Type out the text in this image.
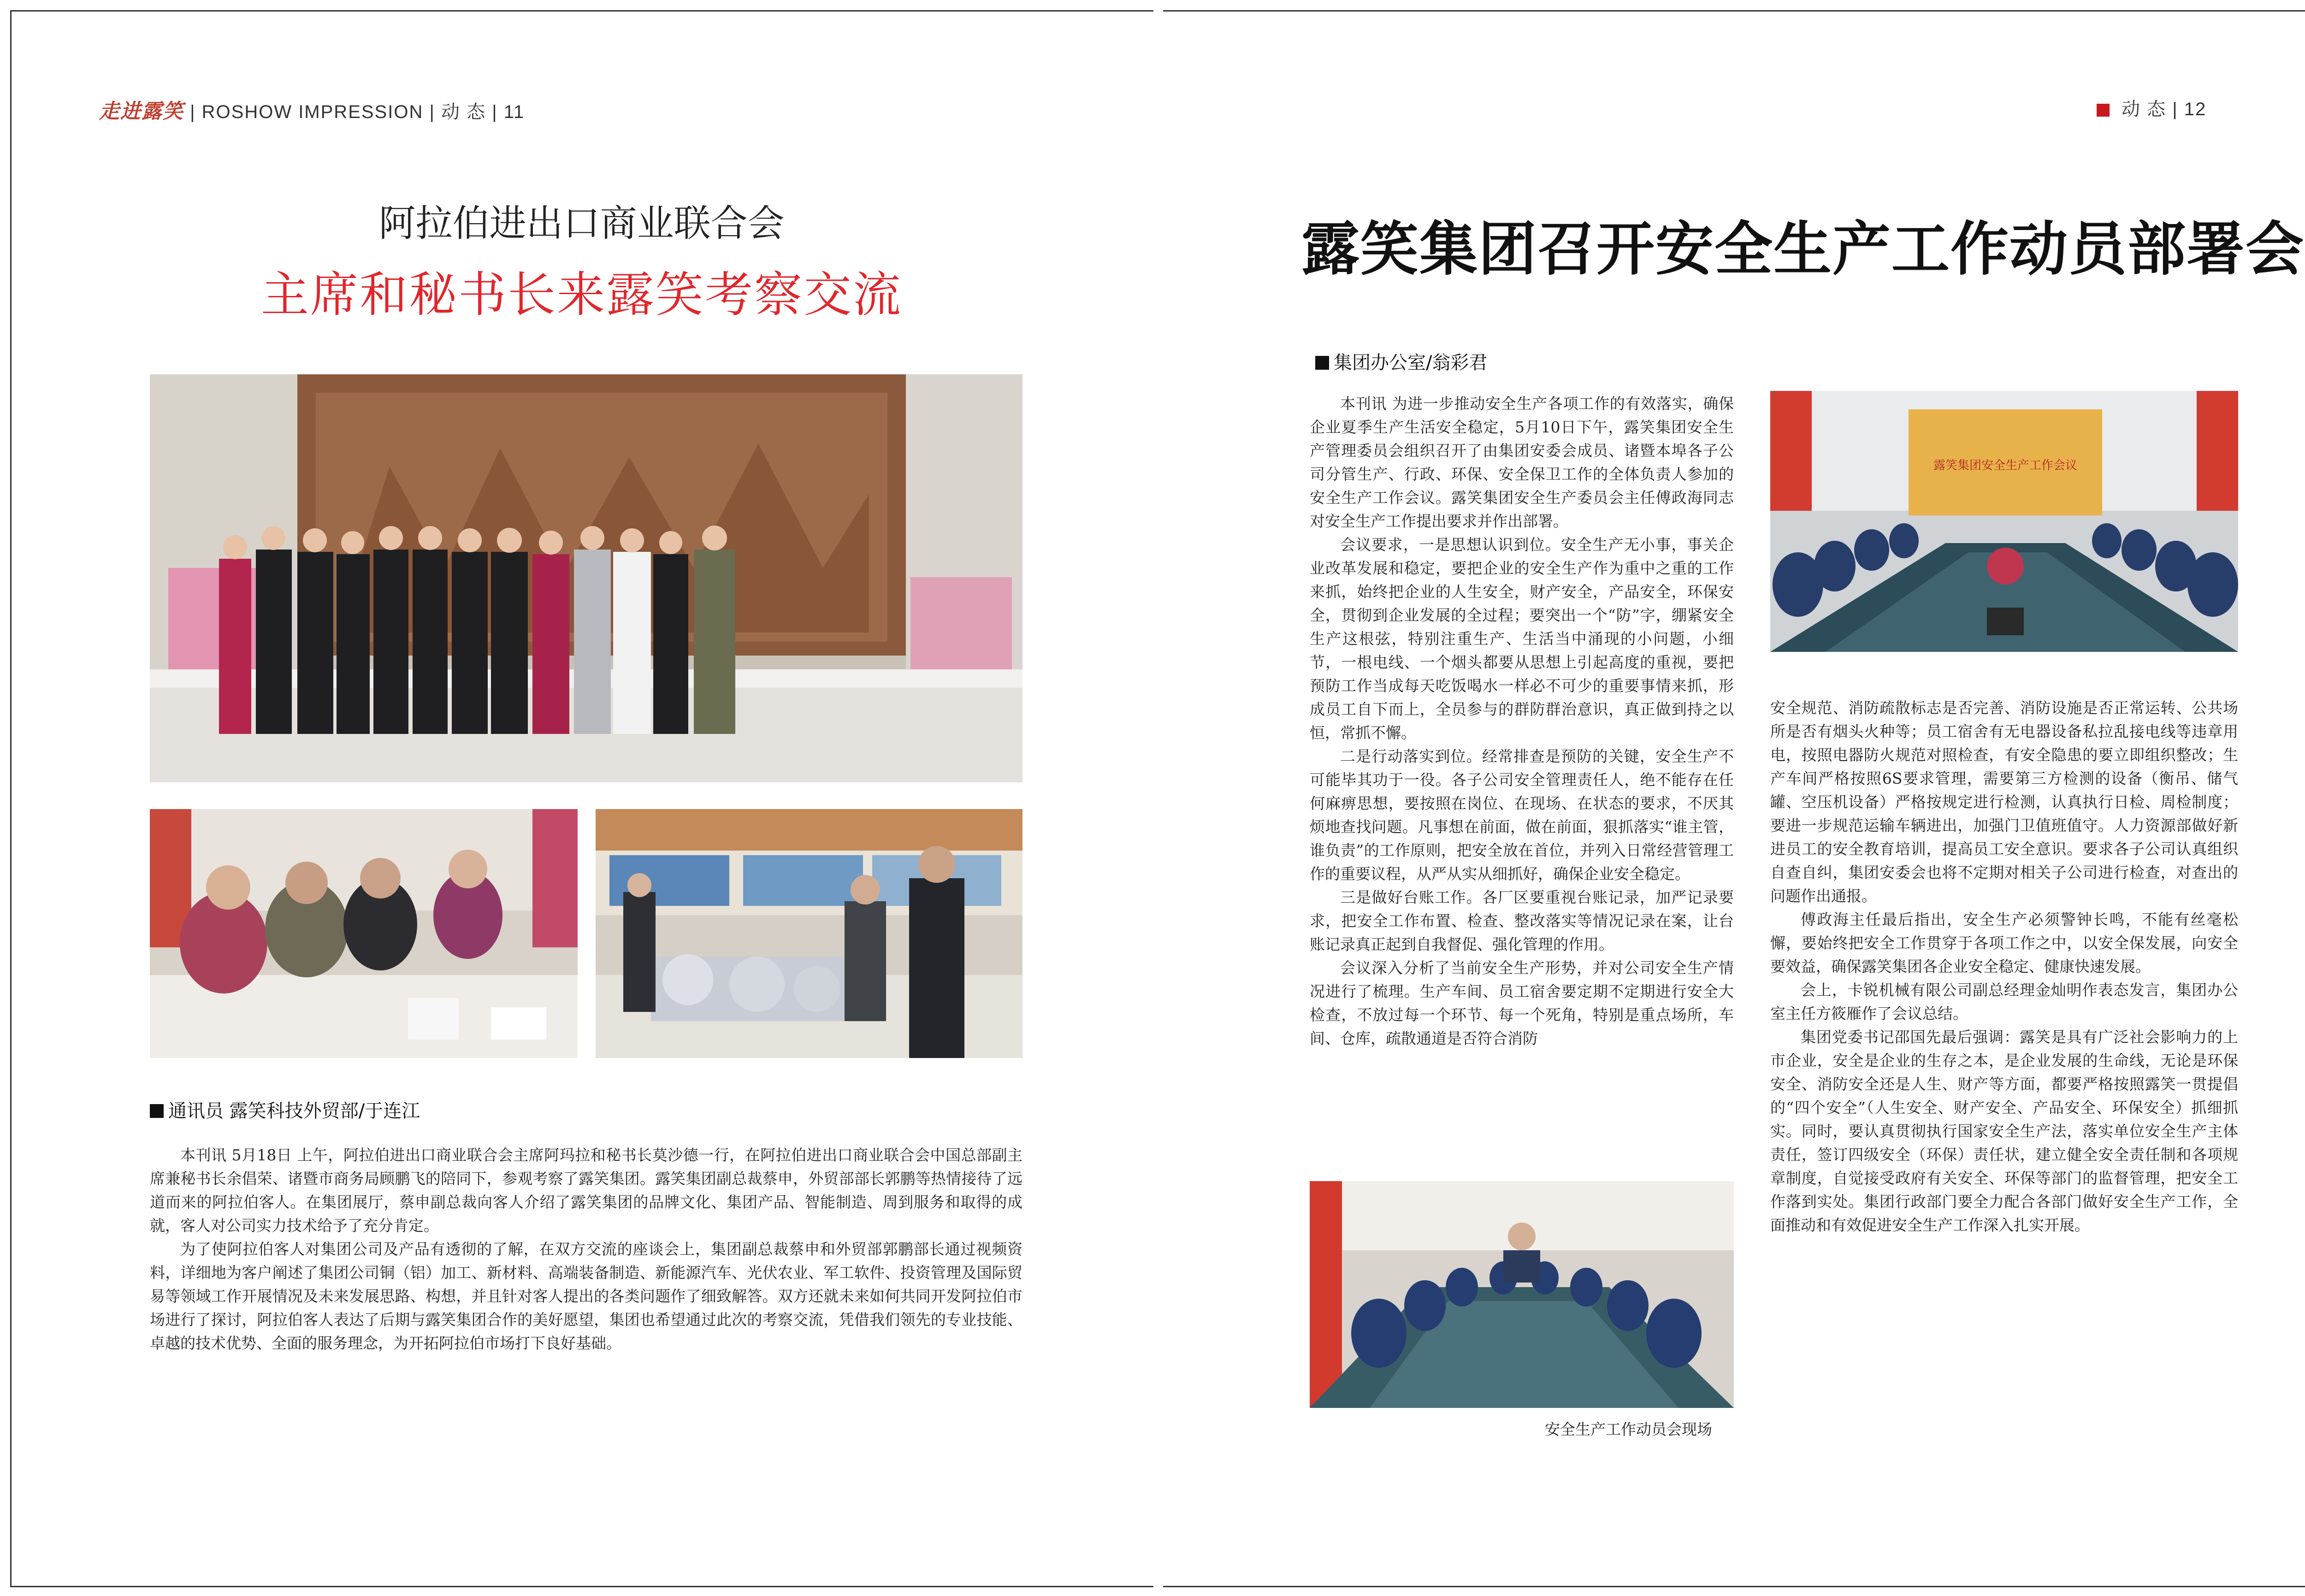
走进露笑 | ROSHOW IMPRESSION | 动 态 | 11
阿拉伯进出口商业联合会
主席和秘书长来露笑考察交流
通讯员 露笑科技外贸部/于连江

本刊讯 5月18日 上午，阿拉伯进出口商业联合会主席阿玛拉和秘书长莫沙德一行，在阿拉伯进出口商业联合会中国总部副主席兼秘书长余倡荣、诸暨市商务局顾鹏飞的陪同下，参观考察了露笑集团。露笑集团副总裁蔡申，外贸部部长郭鹏等热情接待了远道而来的阿拉伯客人。在集团展厅，蔡申副总裁向客人介绍了露笑集团的品牌文化、集团产品、智能制造、周到服务和取得的成就，客人对公司实力技术给予了充分肯定。

为了使阿拉伯客人对集团公司及产品有透彻的了解，在双方交流的座谈会上，集团副总裁蔡申和外贸部郭鹏部长通过视频资料，详细地为客户阐述了集团公司铜（铝）加工、新材料、高端装备制造、新能源汽车、光伏农业、军工软件、投资管理及国际贸易等领域工作开展情况及未来发展思路、构想，并且针对客人提出的各类问题作了细致解答。双方还就未来如何共同开发阿拉伯市场进行了探讨，阿拉伯客人表达了后期与露笑集团合作的美好愿望，集团也希望通过此次的考察交流，凭借我们领先的专业技能、卓越的技术优势、全面的服务理念，为开拓阿拉伯市场打下良好基础。

动 态 | 12
露笑集团召开安全生产工作动员部署会
集团办公室/翁彩君

本刊讯 为进一步推动安全生产各项工作的有效落实，确保企业夏季生产生活安全稳定，5月10日下午，露笑集团安全生产管理委员会组织召开了由集团安委会成员、诸暨本埠各子公司分管生产、行政、环保、安全保卫工作的全体负责人参加的安全生产工作会议。露笑集团安全生产委员会主任傅政海同志对安全生产工作提出要求并作出部署。

会议要求，一是思想认识到位。安全生产无小事，事关企业改革发展和稳定，要把企业的安全生产作为重中之重的工作来抓，始终把企业的人生安全，财产安全，产品安全，环保安全，贯彻到企业发展的全过程；要突出一个“防”字，绷紧安全生产这根弦，特别注重生产、生活当中涌现的小问题，小细节，一根电线、一个烟头都要从思想上引起高度的重视，要把预防工作当成每天吃饭喝水一样必不可少的重要事情来抓，形成员工自下而上，全员参与的群防群治意识，真正做到持之以恒，常抓不懈。

二是行动落实到位。经常排查是预防的关键，安全生产不可能毕其功于一役。各子公司安全管理责任人，绝不能存在任何麻痹思想，要按照在岗位、在现场、在状态的要求，不厌其烦地查找问题。凡事想在前面，做在前面，狠抓落实“谁主管，谁负责”的工作原则，把安全放在首位，并列入日常经营管理工作的重要议程，从严从实从细抓好，确保企业安全稳定。

三是做好台账工作。各厂区要重视台账记录，加严记录要求，把安全工作布置、检查、整改落实等情况记录在案，让台账记录真正起到自我督促、强化管理的作用。

会议深入分析了当前安全生产形势，并对公司安全生产情况进行了梳理。生产车间、员工宿舍要定期不定期进行安全大检查，不放过每一个环节、每一个死角，特别是重点场所，车间、仓库，疏散通道是否符合消防

露笑集团安全生产工作会议

安全规范、消防疏散标志是否完善、消防设施是否正常运转、公共场所是否有烟头火种等；员工宿舍有无电器设备私拉乱接电线等违章用电，按照电器防火规范对照检查，有安全隐患的要立即组织整改；生产车间严格按照6S要求管理，需要第三方检测的设备（衡吊、储气罐、空压机设备）严格按规定进行检测，认真执行日检、周检制度；要进一步规范运输车辆进出，加强门卫值班值守。人力资源部做好新进员工的安全教育培训，提高员工安全意识。要求各子公司认真组织自查自纠，集团安委会也将不定期对相关子公司进行检查，对查出的问题作出通报。

傅政海主任最后指出，安全生产必须警钟长鸣，不能有丝毫松懈，要始终把安全工作贯穿于各项工作之中，以安全保发展，向安全要效益，确保露笑集团各企业安全稳定、健康快速发展。

会上，卡锐机械有限公司副总经理金灿明作表态发言，集团办公室主任方筱雁作了会议总结。

集团党委书记邵国先最后强调：露笑是具有广泛社会影响力的上市企业，安全是企业的生存之本，是企业发展的生命线，无论是环保安全、消防安全还是人生、财产等方面，都要严格按照露笑一贯提倡的“四个安全”（人生安全、财产安全、产品安全、环保安全）抓细抓实。同时，要认真贯彻执行国家安全生产法，落实单位安全生产主体责任，签订四级安全（环保）责任状，建立健全安全责任制和各项规章制度，自觉接受政府有关安全、环保等部门的监督管理，把安全工作落到实处。集团行政部门要全力配合各部门做好安全生产工作，全面推动和有效促进安全生产工作深入扎实开展。

安全生产工作动员会现场
